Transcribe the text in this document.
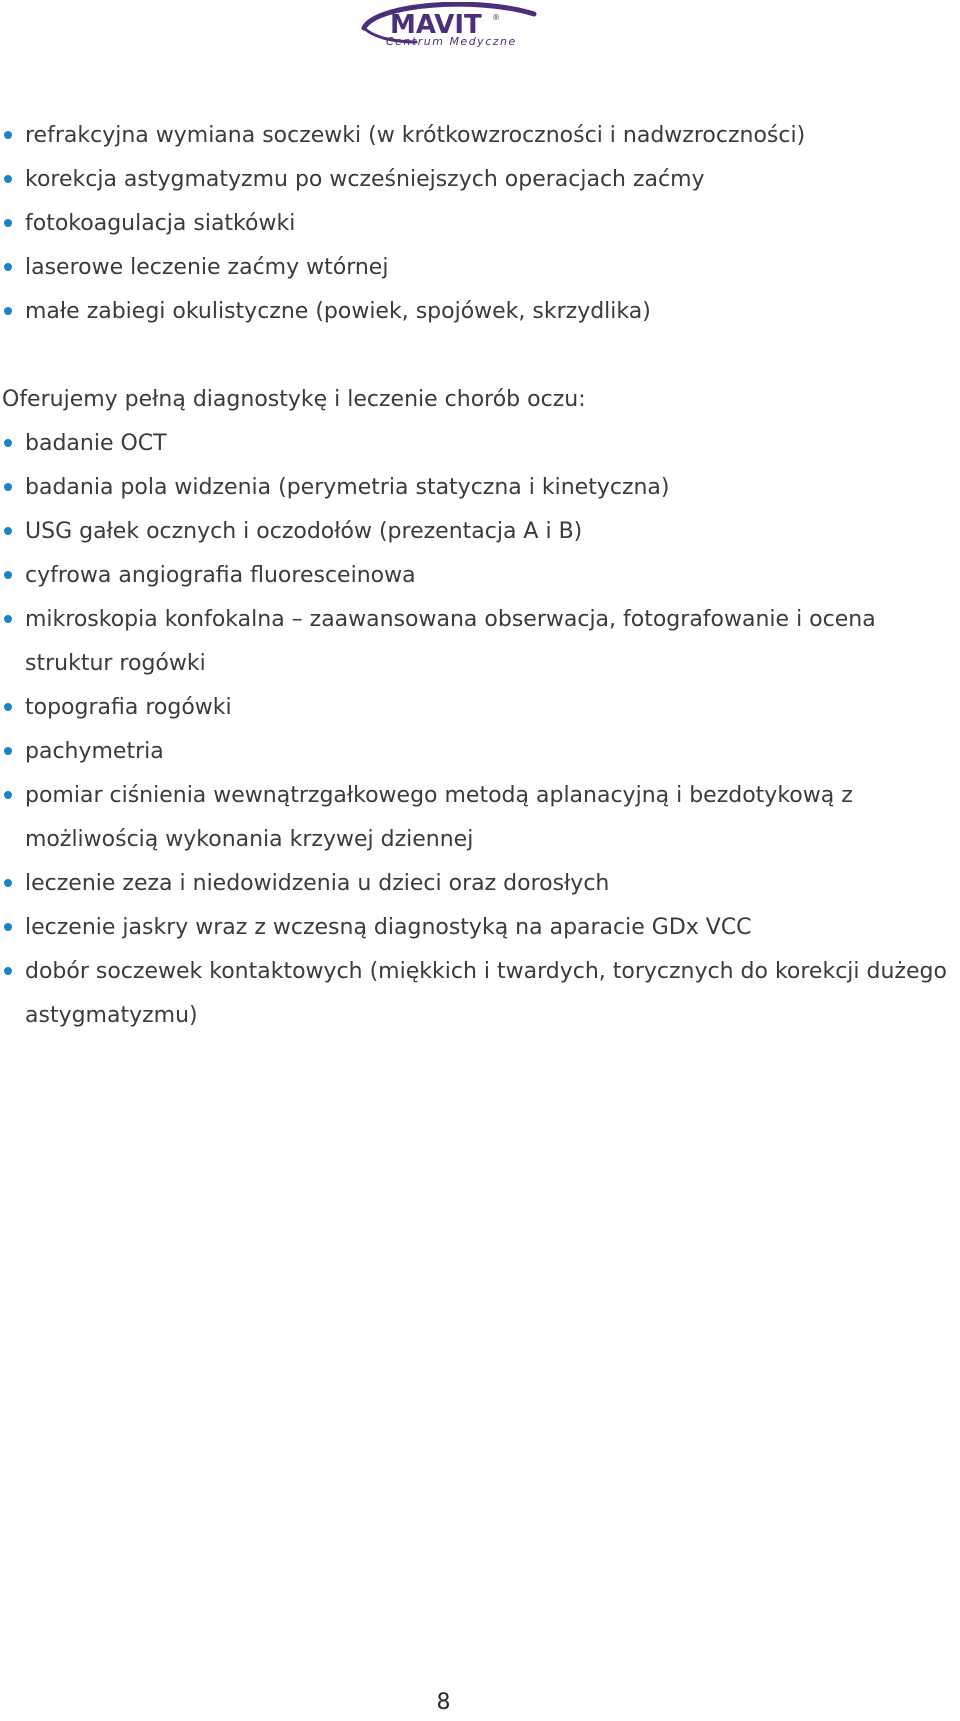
MAVIT ®
Centrum Medyczne
refrakcyjna wymiana soczewki (w krótkowzroczności i nadwzroczności)
korekcja astygmatyzmu po wcześniejszych operacjach zaćmy
fotokoagulacja siatkówki
laserowe leczenie zaćmy wtórnej
małe zabiegi okulistyczne (powiek, spojówek, skrzydlika)
Oferujemy pełną diagnostykę i leczenie chorób oczu:
badanie OCT
badania pola widzenia (perymetria statyczna i kinetyczna)
USG gałek ocznych i oczodołów (prezentacja A i B)
cyfrowa angiografia fluoresceinowa
mikroskopia konfokalna – zaawansowana obserwacja, fotografowanie i ocena struktur rogówki
topografia rogówki
pachymetria
pomiar ciśnienia wewnątrzgałkowego metodą aplanacyjną i bezdotykową z możliwością wykonania krzywej dziennej
leczenie zeza i niedowidzenia u dzieci oraz dorosłych
leczenie jaskry wraz z wczesną diagnostyką na aparacie GDx VCC
dobór soczewek kontaktowych (miękkich i twardych, torycznych do korekcji dużego astygmatyzmu)
8
